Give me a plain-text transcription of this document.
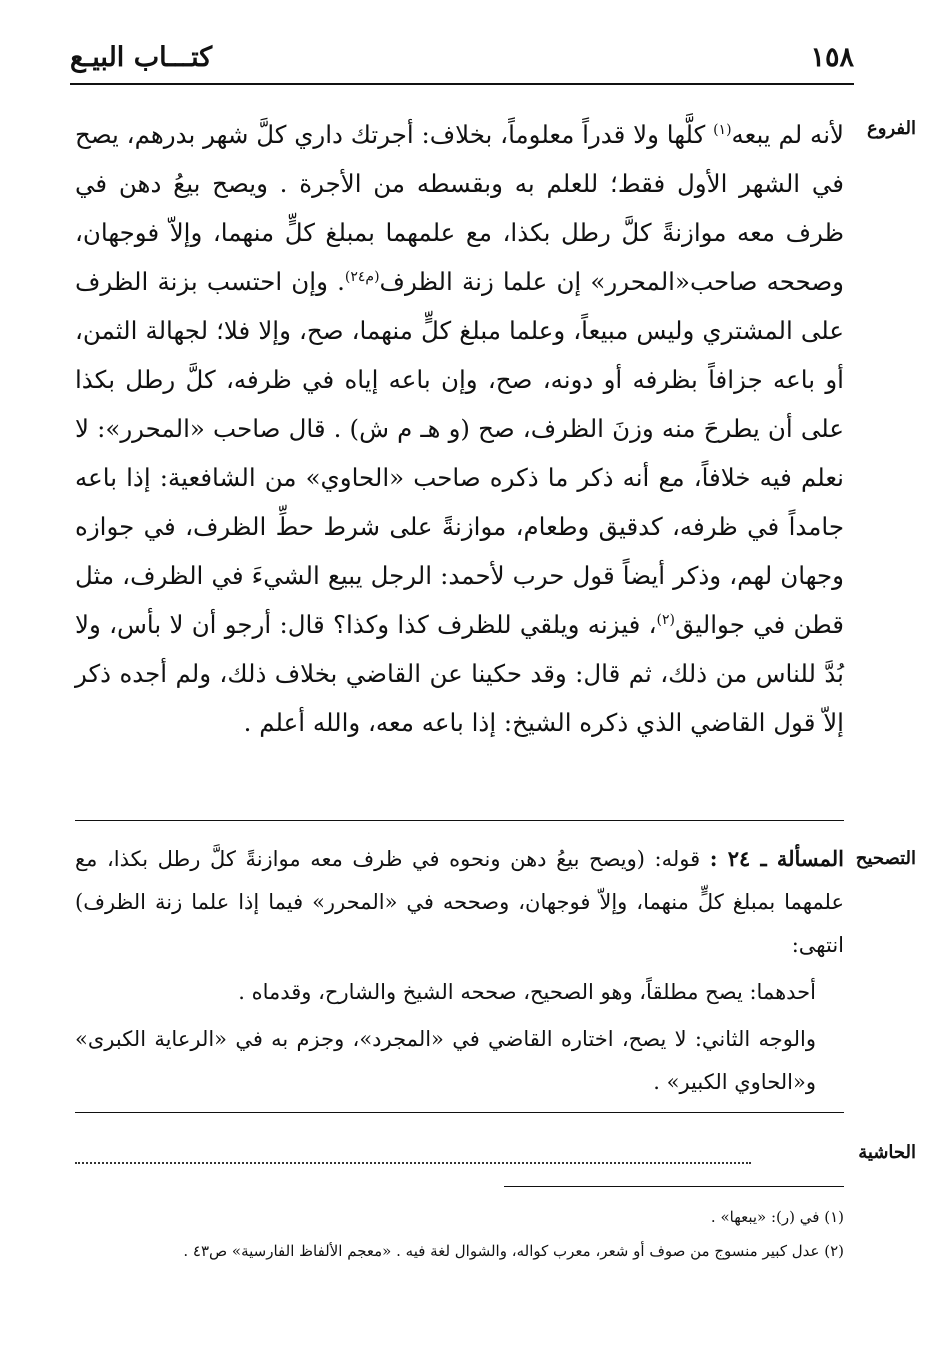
١٥٨
كتـــاب البيـع
الفروع
لأنه لم يبعه$^{(١)}$ كلَّها ولا قدراً معلوماً، بخلاف: أجرتك داري كلَّ شهر بدرهم، يصح في الشهر الأول فقط؛ للعلم به وبقسطه من الأجرة . ويصح بيعُ دهن في ظرف معه موازنةً كلَّ رطل بكذا، مع علمهما بمبلغ كلٍّ منهما، وإلاّ فوجهان، وصححه صاحب«المحرر» إن علما زنة الظرف$^{(م٢٤)}$. وإن احتسب بزنة الظرف على المشتري وليس مبيعاً، وعلما مبلغ كلٍّ منهما، صح، وإلا فلا؛ لجهالة الثمن، أو باعه جزافاً بظرفه أو دونه، صح، وإن باعه إياه في ظرفه، كلَّ رطل بكذا على أن يطرحَ منه وزنَ الظرف، صح (و هـ م ش) . قال صاحب «المحرر»: لا نعلم فيه خلافاً، مع أنه ذكر ما ذكره صاحب «الحاوي» من الشافعية: إذا باعه جامداً في ظرفه، كدقيق وطعام، موازنةً على شرط حطِّ الظرف، في جوازه وجهان لهم، وذكر أيضاً قول حرب لأحمد: الرجل يبيع الشيءَ في الظرف، مثل قطن في جواليق$^{(٢)}$، فيزنه ويلقي للظرف كذا وكذا؟ قال: أرجو أن لا بأس، ولا بُدَّ للناس من ذلك، ثم قال: وقد حكينا عن القاضي بخلاف ذلك، ولم أجده ذكر إلاّ قول القاضي الذي ذكره الشيخ: إذا باعه معه، والله أعلم .
التصحيح

المسألة ـ ٢٤ : قوله: (ويصح بيعُ دهن ونحوه في ظرف معه موازنةً كلَّ رطل بكذا، مع علمهما بمبلغ كلٍّ منهما، وإلاّ فوجهان، وصححه في «المحرر» فيما إذا علما زنة الظرف) انتهى:

أحدهما: يصح مطلقاً، وهو الصحيح، صححه الشيخ والشارح، وقدماه .

والوجه الثاني: لا يصح، اختاره القاضي في «المجرد»، وجزم به في «الرعاية الكبرى» و«الحاوي الكبير» .

الحاشية

(١) في (ر): «يبعها» .

(٢) عدل كبير منسوج من صوف أو شعر، معرب كواله، والشوال لغة فيه . «معجم الألفاظ الفارسية» ص٤٣ .
